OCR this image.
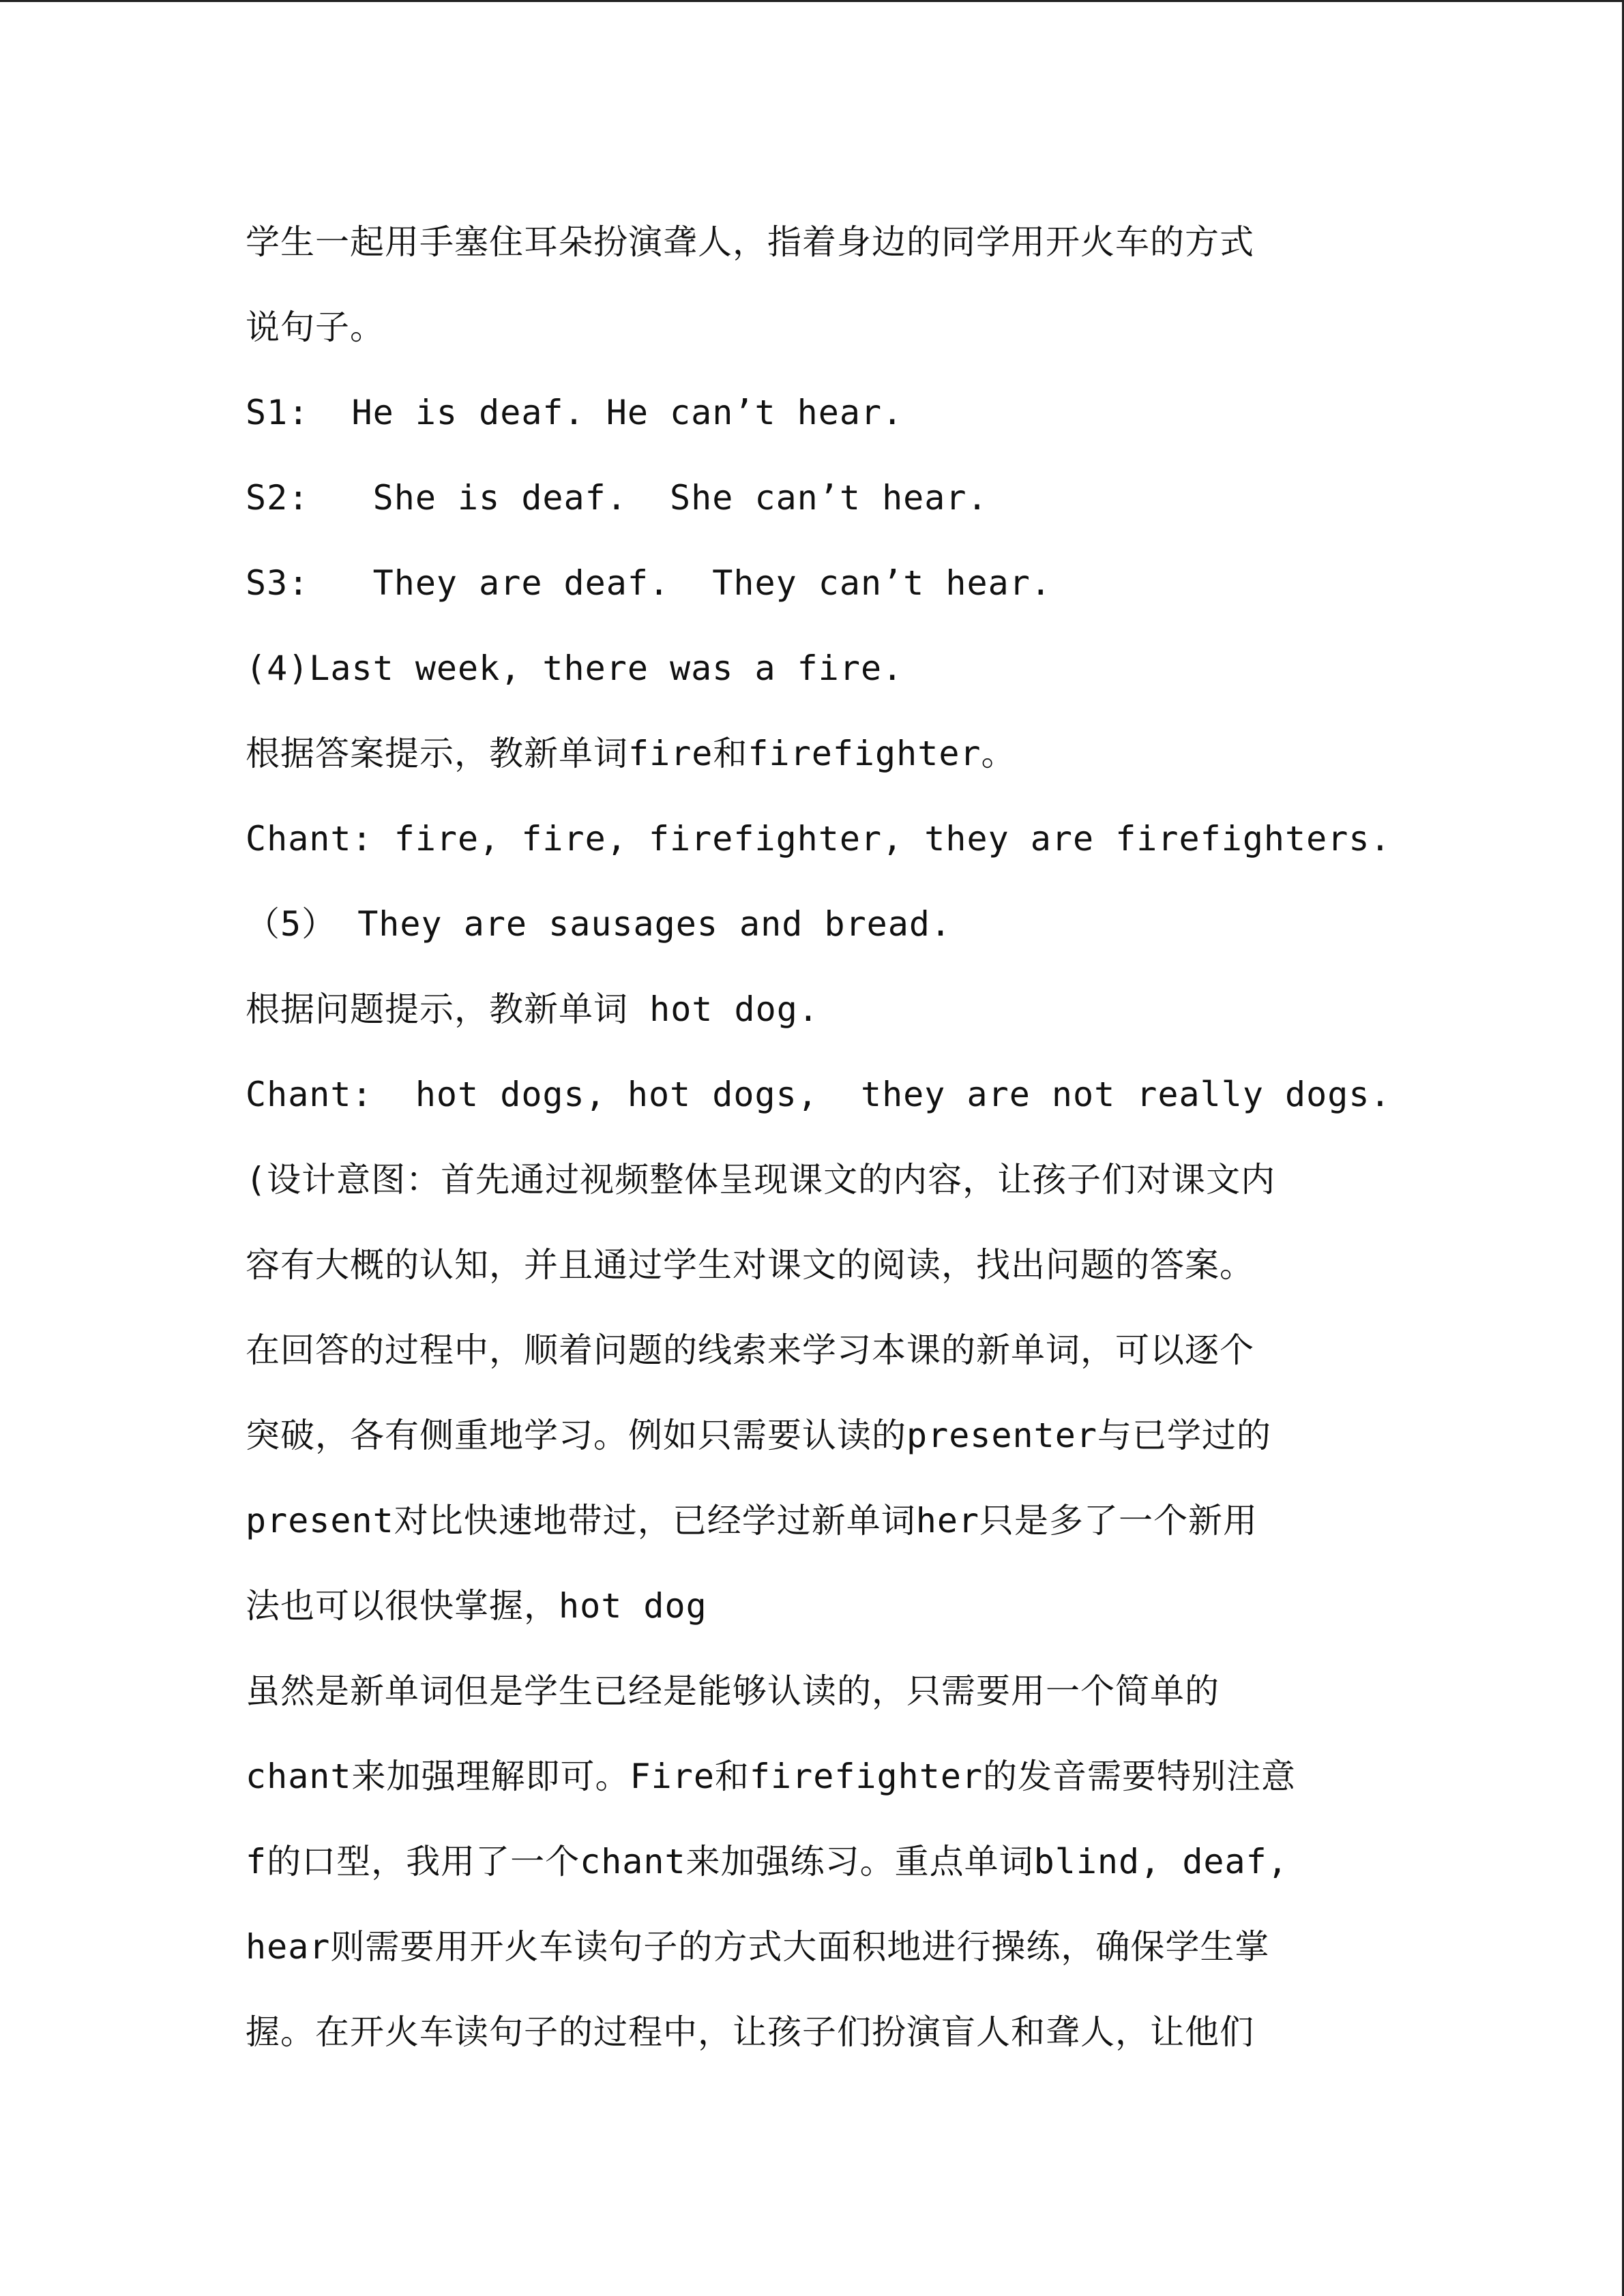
学生一起用手塞住耳朵扮演聋人，指着身边的同学用开火车的方式
说句子。
S1:  He is deaf. He can’t hear.
S2:   She is deaf.  She can’t hear.
S3:   They are deaf.  They can’t hear.
(4)Last week, there was a fire.
根据答案提示，教新单词fire和firefighter。
Chant: fire, fire, firefighter, they are firefighters.
（5） They are sausages and bread.
根据问题提示，教新单词 hot dog.
Chant:  hot dogs, hot dogs,  they are not really dogs.
(设计意图：首先通过视频整体呈现课文的内容，让孩子们对课文内
容有大概的认知，并且通过学生对课文的阅读，找出问题的答案。
在回答的过程中，顺着问题的线索来学习本课的新单词，可以逐个
突破，各有侧重地学习。例如只需要认读的presenter与已学过的
present对比快速地带过，已经学过新单词her只是多了一个新用
法也可以很快掌握，hot dog
虽然是新单词但是学生已经是能够认读的，只需要用一个简单的
chant来加强理解即可。Fire和firefighter的发音需要特别注意
f的口型，我用了一个chant来加强练习。重点单词blind, deaf,
hear则需要用开火车读句子的方式大面积地进行操练，确保学生掌
握。在开火车读句子的过程中，让孩子们扮演盲人和聋人，让他们
